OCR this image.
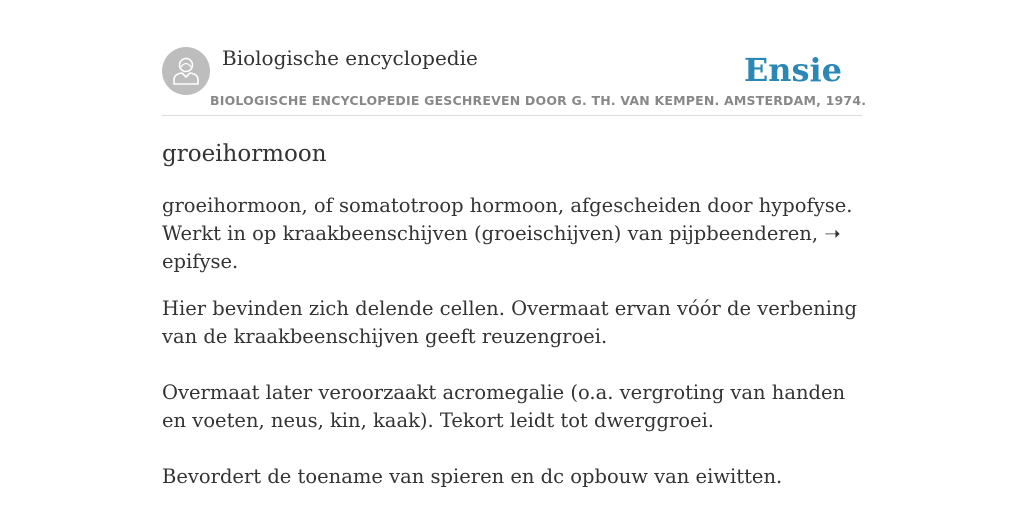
Biologische encyclopedie	Ensie
BIOLOGISCHE ENCYCLOPEDIE GESCHREVEN DOOR G. TH. VAN KEMPEN. AMSTERDAM, 1974.
groeihormoon

groeihormoon, of somatotroop hormoon, afgescheiden door hypofyse. Werkt in op kraakbeenschijven (groeischijven) van pijpbeenderen, ➝ epifyse.

Hier bevinden zich delende cellen. Overmaat ervan vóór de verbening van de kraakbeenschijven geeft reuzengroei.

Overmaat later veroorzaakt acromegalie (o.a. vergroting van handen en voeten, neus, kin, kaak). Tekort leidt tot dwerggroei.

Bevordert de toename van spieren en dc opbouw van eiwitten.
